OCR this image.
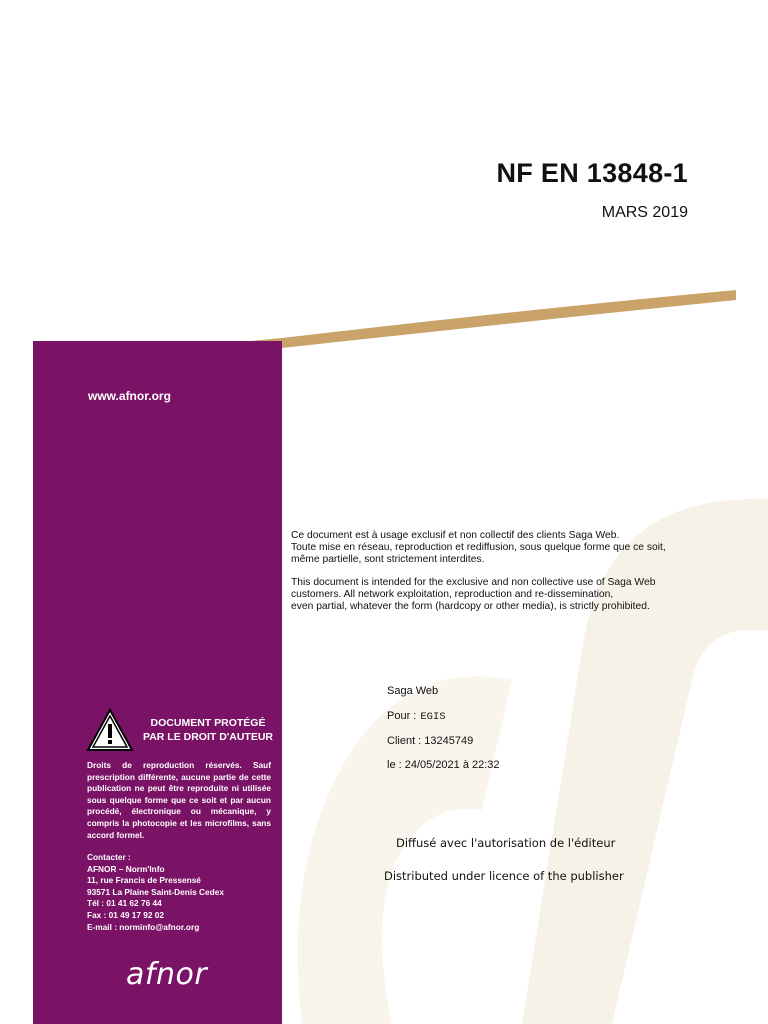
NF EN 13848-1
MARS 2019
www.afnor.org
DOCUMENT PROTÉGÉ
PAR LE DROIT D'AUTEUR
Droits de reproduction réservés. Sauf prescription différente, aucune partie de cette publication ne peut être reproduite ni utilisée sous quelque forme que ce soit et par aucun procédé, électronique ou mécanique, y compris la photocopie et les microfilms, sans accord formel.
Contacter :
AFNOR – Norm'Info
11, rue Francis de Pressensé
93571 La Plaine Saint-Denis Cedex
Tél : 01 41 62 76 44
Fax : 01 49 17 92 02
E-mail : norminfo@afnor.org
afnor
Ce document est à usage exclusif et non collectif des clients Saga Web.
Toute mise en réseau, reproduction et rediffusion, sous quelque forme que ce soit,
même partielle, sont strictement interdites.
This document is intended for the exclusive and non collective use of Saga Web
customers. All network exploitation, reproduction and re-dissemination,
even partial, whatever the form (hardcopy or other media), is strictly prohibited.
Saga Web
Pour : EGIS
Client : 13245749
le : 24/05/2021 à 22:32
Diffusé avec l'autorisation de l'éditeur
Distributed under licence of the publisher
